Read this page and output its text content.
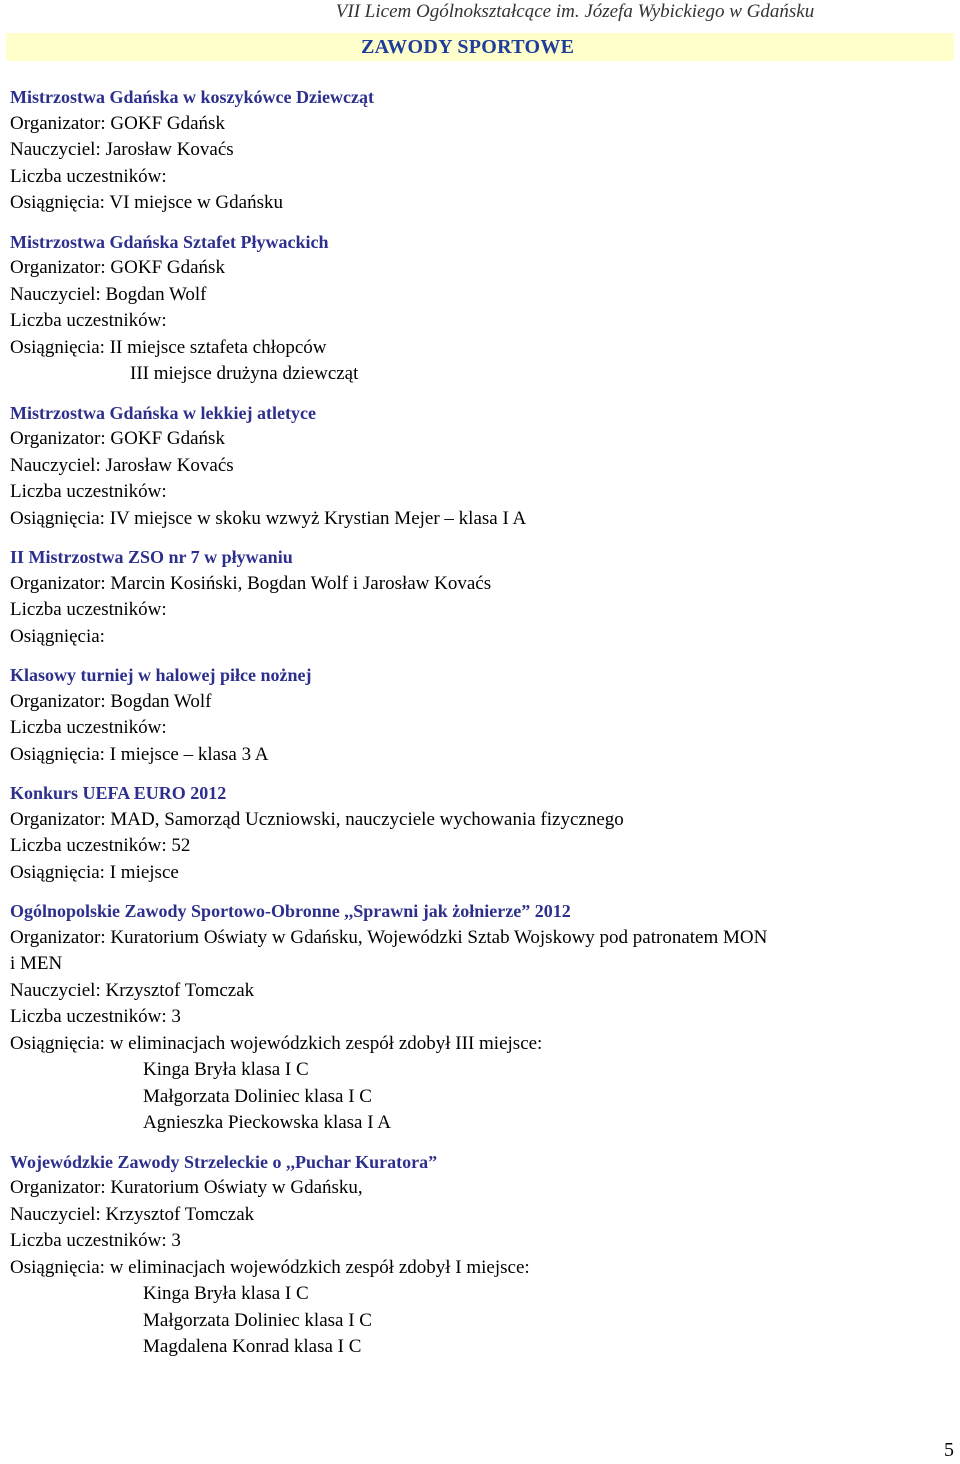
VII Licem Ogólnokształcące im. Józefa Wybickiego w Gdańsku
ZAWODY SPORTOWE
Mistrzostwa Gdańska w koszykówce Dziewcząt
Organizator: GOKF Gdańsk
Nauczyciel: Jarosław Kovaćs
Liczba uczestników:
Osiągnięcia: VI miejsce w Gdańsku
Mistrzostwa Gdańska Sztafet Pływackich
Organizator: GOKF Gdańsk
Nauczyciel: Bogdan Wolf
Liczba uczestników:
Osiągnięcia: II miejsce sztafeta chłopców
III miejsce drużyna dziewcząt
Mistrzostwa Gdańska w lekkiej atletyce
Organizator: GOKF Gdańsk
Nauczyciel: Jarosław Kovaćs
Liczba uczestników:
Osiągnięcia: IV miejsce w skoku wzwyż Krystian Mejer – klasa I A
II Mistrzostwa ZSO nr 7 w pływaniu
Organizator: Marcin Kosiński, Bogdan Wolf i Jarosław Kovaćs
Liczba uczestników:
Osiągnięcia:
Klasowy turniej w halowej piłce nożnej
Organizator: Bogdan Wolf
Liczba uczestników:
Osiągnięcia: I miejsce – klasa 3 A
Konkurs UEFA EURO 2012
Organizator: MAD, Samorząd Uczniowski, nauczyciele wychowania fizycznego
Liczba uczestników: 52
Osiągnięcia: I miejsce
Ogólnopolskie Zawody Sportowo-Obronne ,,Sprawni jak żołnierze” 2012
Organizator: Kuratorium Oświaty w Gdańsku, Wojewódzki Sztab Wojskowy pod patronatem MON
i MEN
Nauczyciel: Krzysztof Tomczak
Liczba uczestników: 3
Osiągnięcia: w eliminacjach wojewódzkich zespół zdobył III miejsce:
Kinga Bryła klasa I C
Małgorzata Doliniec klasa I C
Agnieszka Pieckowska klasa I A
Wojewódzkie Zawody Strzeleckie o ,,Puchar Kuratora”
Organizator: Kuratorium Oświaty w Gdańsku,
Nauczyciel: Krzysztof Tomczak
Liczba uczestników: 3
Osiągnięcia: w eliminacjach wojewódzkich zespół zdobył I miejsce:
Kinga Bryła klasa I C
Małgorzata Doliniec klasa I C
Magdalena Konrad klasa I C
5
